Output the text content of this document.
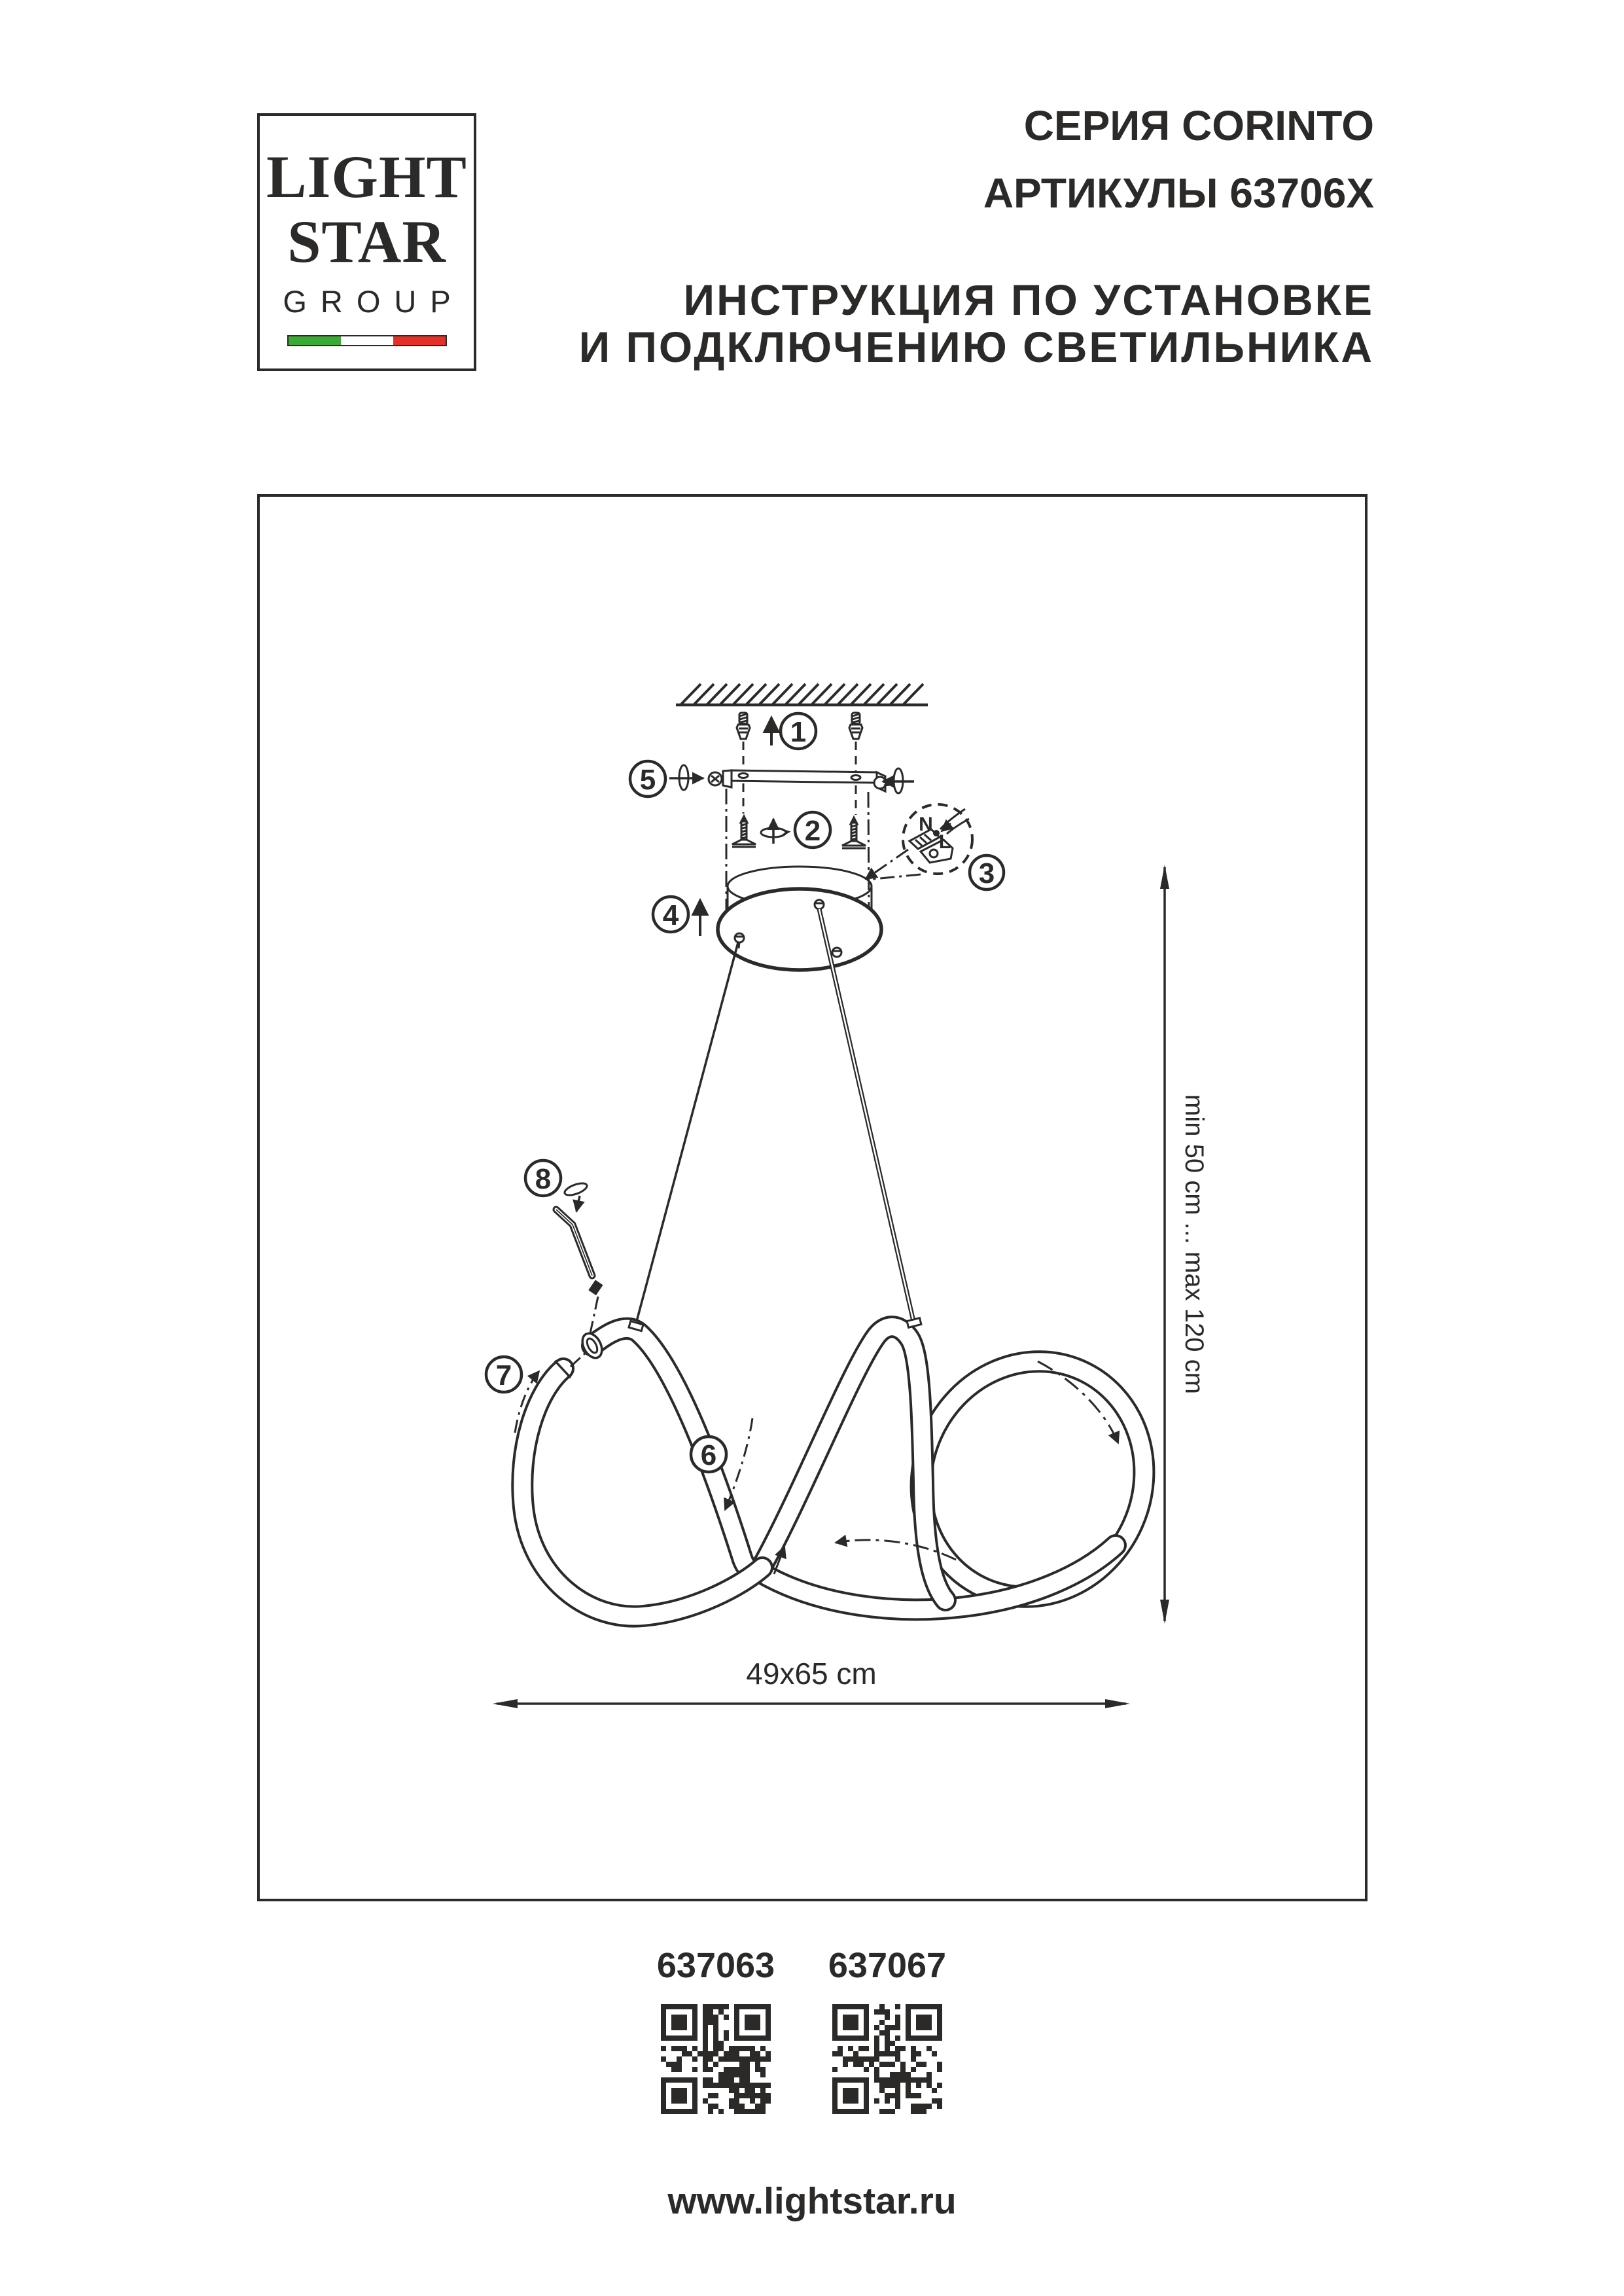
LIGHT
STAR
GROUP
СЕРИЯ CORINTO
АРТИКУЛЫ 63706X
ИНСТРУКЦИЯ ПО УСТАНОВКЕ
И ПОДКЛЮЧЕНИЮ СВЕТИЛЬНИКА
min 50 cm ... max 120 cm
49x65 cm
N
L
1
2
3
4
5
6
7
8
637063 637067
www.lightstar.ru
